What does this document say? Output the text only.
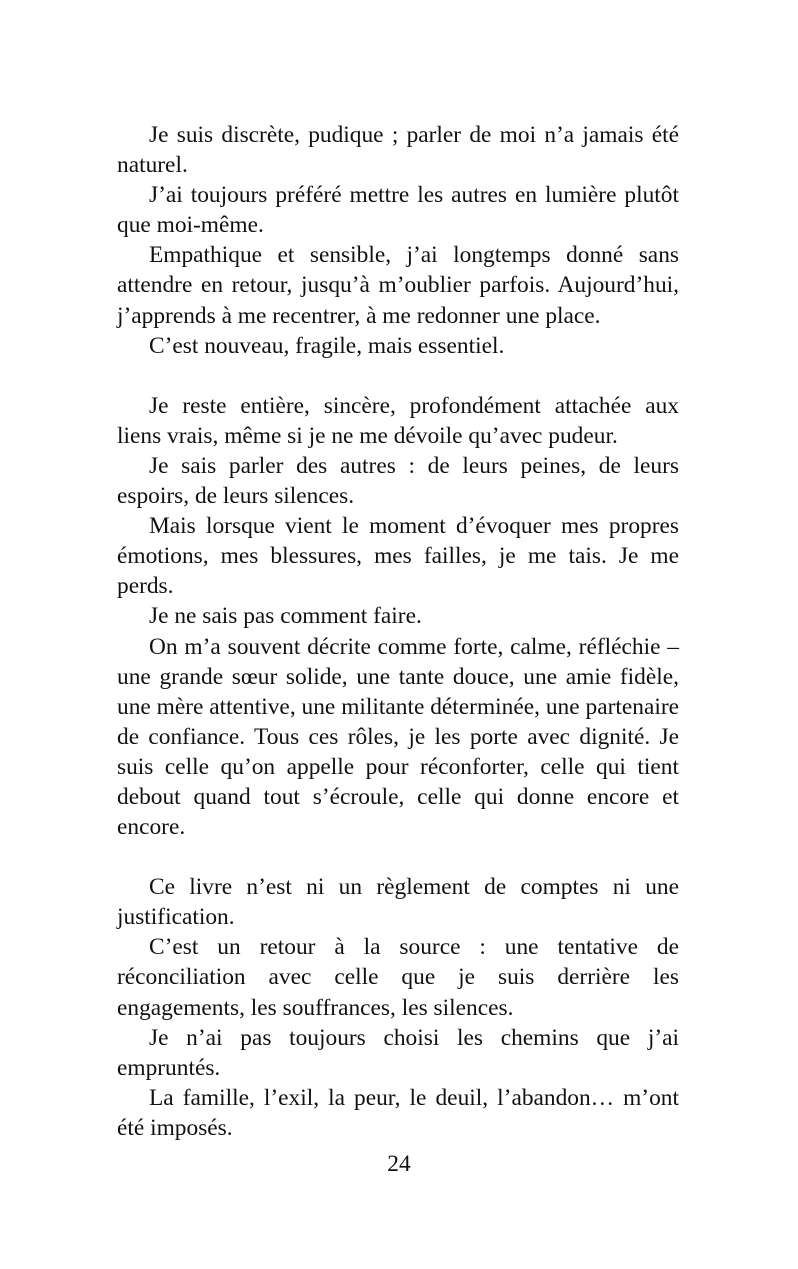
Je suis discrète, pudique ; parler de moi n’a jamais été naturel.

J’ai toujours préféré mettre les autres en lumière plutôt que moi-même.

Empathique et sensible, j’ai longtemps donné sans attendre en retour, jusqu’à m’oublier parfois. Aujourd’hui, j’apprends à me recentrer, à me redonner une place.

C’est nouveau, fragile, mais essentiel.

Je reste entière, sincère, profondément attachée aux liens vrais, même si je ne me dévoile qu’avec pudeur.

Je sais parler des autres : de leurs peines, de leurs espoirs, de leurs silences.

Mais lorsque vient le moment d’évoquer mes propres émotions, mes blessures, mes failles, je me tais. Je me perds.

Je ne sais pas comment faire.

On m’a souvent décrite comme forte, calme, réfléchie – une grande sœur solide, une tante douce, une amie fidèle, une mère attentive, une militante déterminée, une partenaire de confiance. Tous ces rôles, je les porte avec dignité. Je suis celle qu’on appelle pour réconforter, celle qui tient debout quand tout s’écroule, celle qui donne encore et encore.

Ce livre n’est ni un règlement de comptes ni une justification.

C’est un retour à la source : une tentative de réconciliation avec celle que je suis derrière les engagements, les souffrances, les silences.

Je n’ai pas toujours choisi les chemins que j’ai empruntés.

La famille, l’exil, la peur, le deuil, l’abandon… m’ont été imposés.

24
